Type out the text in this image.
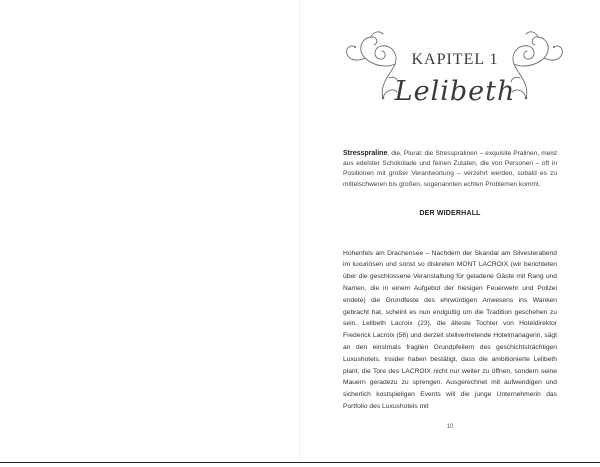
KAPITEL 1
Lelibeth

Stresspraline, die, Plural: die Stresspralinen – exquisite Pralinen, meist aus edelster Schokolade und feinen Zutaten, die von Personen – oft in Positionen mit großer Verantwortung – verzehrt werden, sobald es zu mittelschweren bis großen, sogenannten echten Problemen kommt.

DER WIDERHALL

Hohenfels am Drachensee – Nachdem der Skandal am Silvesterabend im luxuriösen und sonst so diskreten MONT LACROIX (wir berichteten über die geschlossene Veranstaltung für geladene Gäste mit Rang und Namen, die in einem Aufgebot der hiesigen Feuerwehr und Polizei endete) die Grundfeste des ehrwürdigen Anwesens ins Wanken gebracht hat, scheint es nun endgültig um die Tradition geschehen zu sein. Lelibeth Lacroix (23), die älteste Tochter von Hoteldirektor Frederick Lacroix (56) und derzeit stellvertretende Hotelmanagerin, sägt an den einstmals fragilen Grundpfeilern des geschichtsträchtigen Luxushotels. Insider haben bestätigt, dass die ambitionierte Lelibeth plant, die Tore des LACROIX nicht nur weiter zu öffnen, sondern seine Mauern geradezu zu sprengen. Ausgerechnet mit aufwendigen und sicherlich kostspieligen Events will die junge Unternehmerin das Portfolio des Luxushotels mit

10
